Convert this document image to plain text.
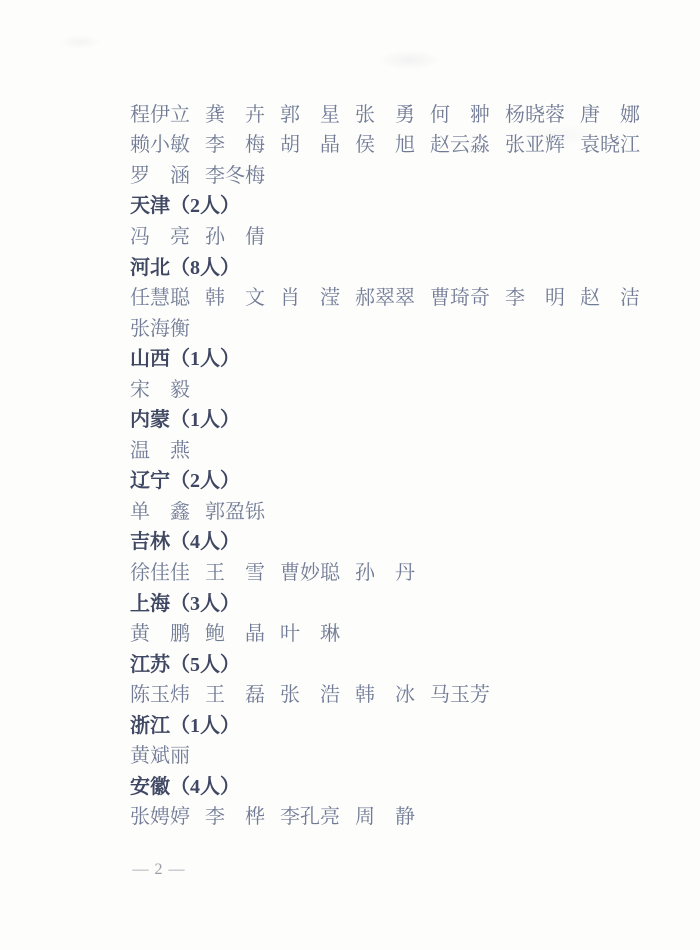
程伊立 龚　卉 郭　星 张　勇 何　翀 杨晓蓉 唐　娜
赖小敏 李　梅 胡　晶 侯　旭 赵云淼 张亚辉 袁晓江
罗　涵 李冬梅
天津（2人）
冯　亮 孙　倩
河北（8人）
任慧聪 韩　文 肖　滢 郝翠翠 曹琦奇 李　明 赵　洁
张海衡
山西（1人）
宋　毅
内蒙（1人）
温　燕
辽宁（2人）
单　鑫 郭盈铄
吉林（4人）
徐佳佳 王　雪 曹妙聪 孙　丹
上海（3人）
黄　鹏 鲍　晶 叶　琳
江苏（5人）
陈玉炜 王　磊 张　浩 韩　冰 马玉芳
浙江（1人）
黄斌丽
安徽（4人）
张娉婷 李　桦 李孔亮 周　静
— 2 —
